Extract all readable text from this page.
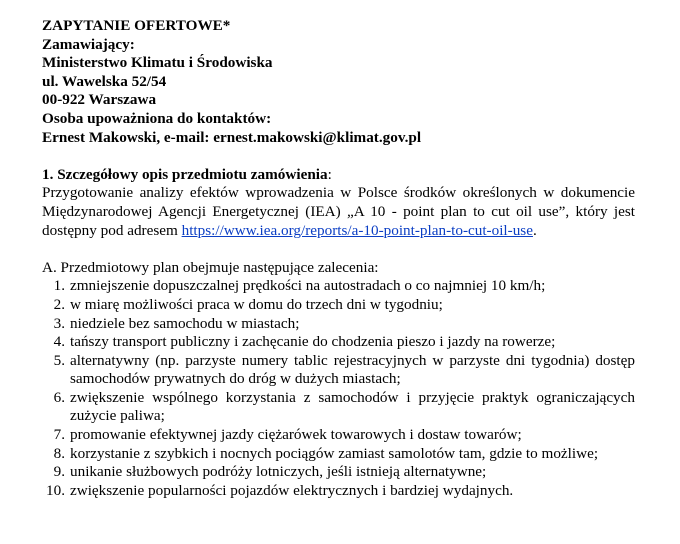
ZAPYTANIE OFERTOWE*
Zamawiający:
Ministerstwo Klimatu i Środowiska
ul. Wawelska 52/54
00-922 Warszawa
Osoba upoważniona do kontaktów:
Ernest Makowski, e-mail: ernest.makowski@klimat.gov.pl
1. Szczegółowy opis przedmiotu zamówienia:
Przygotowanie analizy efektów wprowadzenia w Polsce środków określonych w dokumencie Międzynarodowej Agencji Energetycznej (IEA) „A 10 - point plan to cut oil use”, który jest dostępny pod adresem https://www.iea.org/reports/a-10-point-plan-to-cut-oil-use.
A. Przedmiotowy plan obejmuje następujące zalecenia:
1. zmniejszenie dopuszczalnej prędkości na autostradach o co najmniej 10 km/h;
2. w miarę możliwości praca w domu do trzech dni w tygodniu;
3. niedziele bez samochodu w miastach;
4. tańszy transport publiczny i zachęcanie do chodzenia pieszo i jazdy na rowerze;
5. alternatywny (np. parzyste numery tablic rejestracyjnych w parzyste dni tygodnia) dostęp samochodów prywatnych do dróg w dużych miastach;
6. zwiększenie wspólnego korzystania z samochodów i przyjęcie praktyk ograniczających zużycie paliwa;
7. promowanie efektywnej jazdy ciężarówek towarowych i dostaw towarów;
8. korzystanie z szybkich i nocnych pociągów zamiast samolotów tam, gdzie to możliwe;
9. unikanie służbowych podróży lotniczych, jeśli istnieją alternatywne;
10. zwiększenie popularności pojazdów elektrycznych i bardziej wydajnych.
